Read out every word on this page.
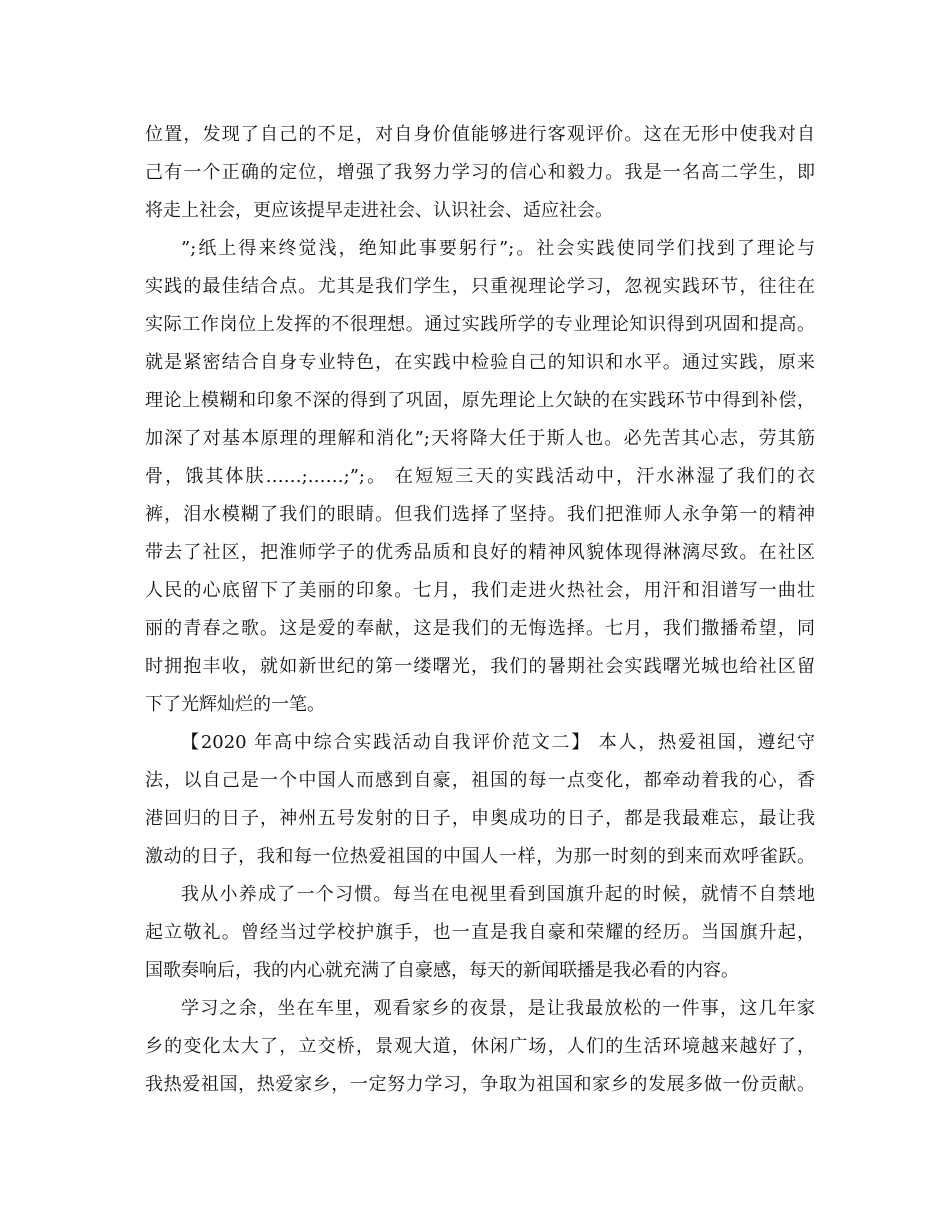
位置，发现了自己的不足，对自身价值能够进行客观评价。这在无形中使我对自
己有一个正确的定位，增强了我努力学习的信心和毅力。我是一名高二学生，即
将走上社会，更应该提早走进社会、认识社会、适应社会。
”;纸上得来终觉浅，绝知此事要躬行”;。社会实践使同学们找到了理论与
实践的最佳结合点。尤其是我们学生，只重视理论学习，忽视实践环节，往往在
实际工作岗位上发挥的不很理想。通过实践所学的专业理论知识得到巩固和提高。
就是紧密结合自身专业特色，在实践中检验自己的知识和水平。通过实践，原来
理论上模糊和印象不深的得到了巩固，原先理论上欠缺的在实践环节中得到补偿，
加深了对基本原理的理解和消化”;天将降大任于斯人也。必先苦其心志，劳其筋
骨，饿其体肤……;……;”;。 在短短三天的实践活动中，汗水淋湿了我们的衣
裤，泪水模糊了我们的眼睛。但我们选择了坚持。我们把淮师人永争第一的精神
带去了社区，把淮师学子的优秀品质和良好的精神风貌体现得淋漓尽致。在社区
人民的心底留下了美丽的印象。七月，我们走进火热社会，用汗和泪谱写一曲壮
丽的青春之歌。这是爱的奉献，这是我们的无悔选择。七月，我们撒播希望，同
时拥抱丰收，就如新世纪的第一缕曙光，我们的暑期社会实践曙光城也给社区留
下了光辉灿烂的一笔。
【2020 年高中综合实践活动自我评价范文二】 本人，热爱祖国，遵纪守
法，以自己是一个中国人而感到自豪，祖国的每一点变化，都牵动着我的心，香
港回归的日子，神州五号发射的日子，申奥成功的日子，都是我最难忘，最让我
激动的日子，我和每一位热爱祖国的中国人一样，为那一时刻的到来而欢呼雀跃。
我从小养成了一个习惯。每当在电视里看到国旗升起的时候，就情不自禁地
起立敬礼。曾经当过学校护旗手，也一直是我自豪和荣耀的经历。当国旗升起，
国歌奏响后，我的内心就充满了自豪感，每天的新闻联播是我必看的内容。
学习之余，坐在车里，观看家乡的夜景，是让我最放松的一件事，这几年家
乡的变化太大了，立交桥，景观大道，休闲广场，人们的生活环境越来越好了，
我热爱祖国，热爱家乡，一定努力学习，争取为祖国和家乡的发展多做一份贡献。
